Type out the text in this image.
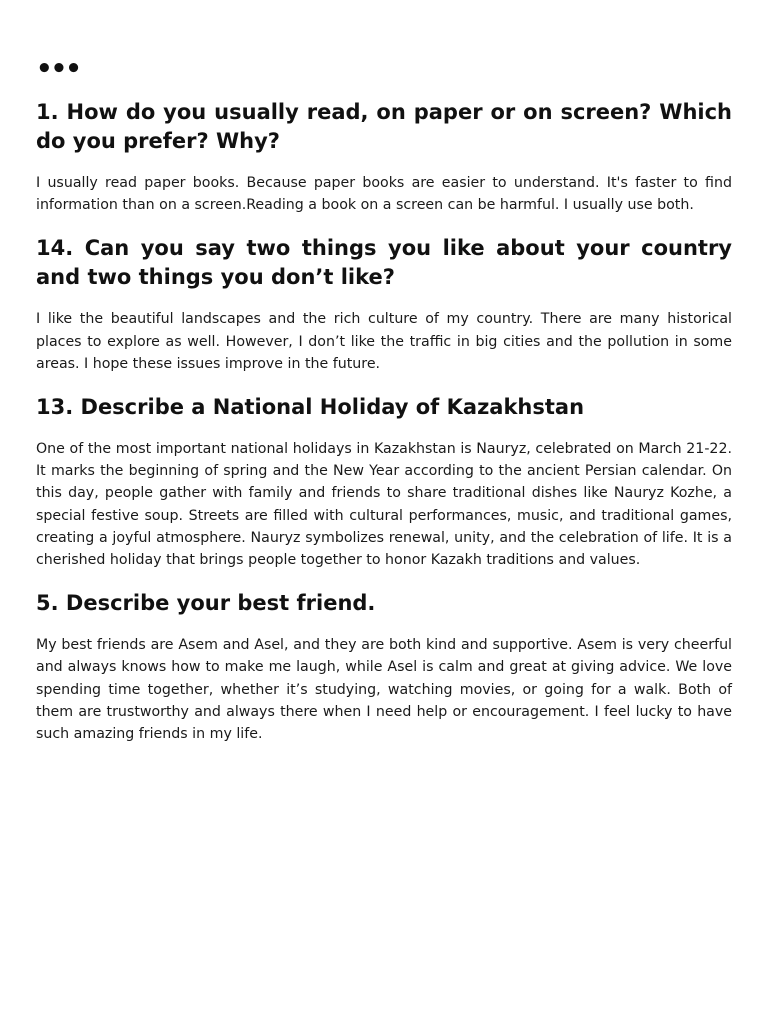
•••
1. How do you usually read, on paper or on screen? Which do you prefer? Why?

I usually read paper books. Because paper books are easier to understand. It's faster to find information than on a screen.Reading a book on a screen can be harmful. I usually use both.

14. Can you say two things you like about your country and two things you don’t like?

I like the beautiful landscapes and the rich culture of my country. There are many historical places to explore as well. However, I don’t like the traffic in big cities and the pollution in some areas. I hope these issues improve in the future.

13. Describe a National Holiday of Kazakhstan

One of the most important national holidays in Kazakhstan is Nauryz, celebrated on March 21-22. It marks the beginning of spring and the New Year according to the ancient Persian calendar. On this day, people gather with family and friends to share traditional dishes like Nauryz Kozhe, a special festive soup. Streets are filled with cultural performances, music, and traditional games, creating a joyful atmosphere. Nauryz symbolizes renewal, unity, and the celebration of life. It is a cherished holiday that brings people together to honor Kazakh traditions and values.

5. Describe your best friend.

My best friends are Asem and Asel, and they are both kind and supportive. Asem is very cheerful and always knows how to make me laugh, while Asel is calm and great at giving advice. We love spending time together, whether it’s studying, watching movies, or going for a walk. Both of them are trustworthy and always there when I need help or encouragement. I feel lucky to have such amazing friends in my life.
